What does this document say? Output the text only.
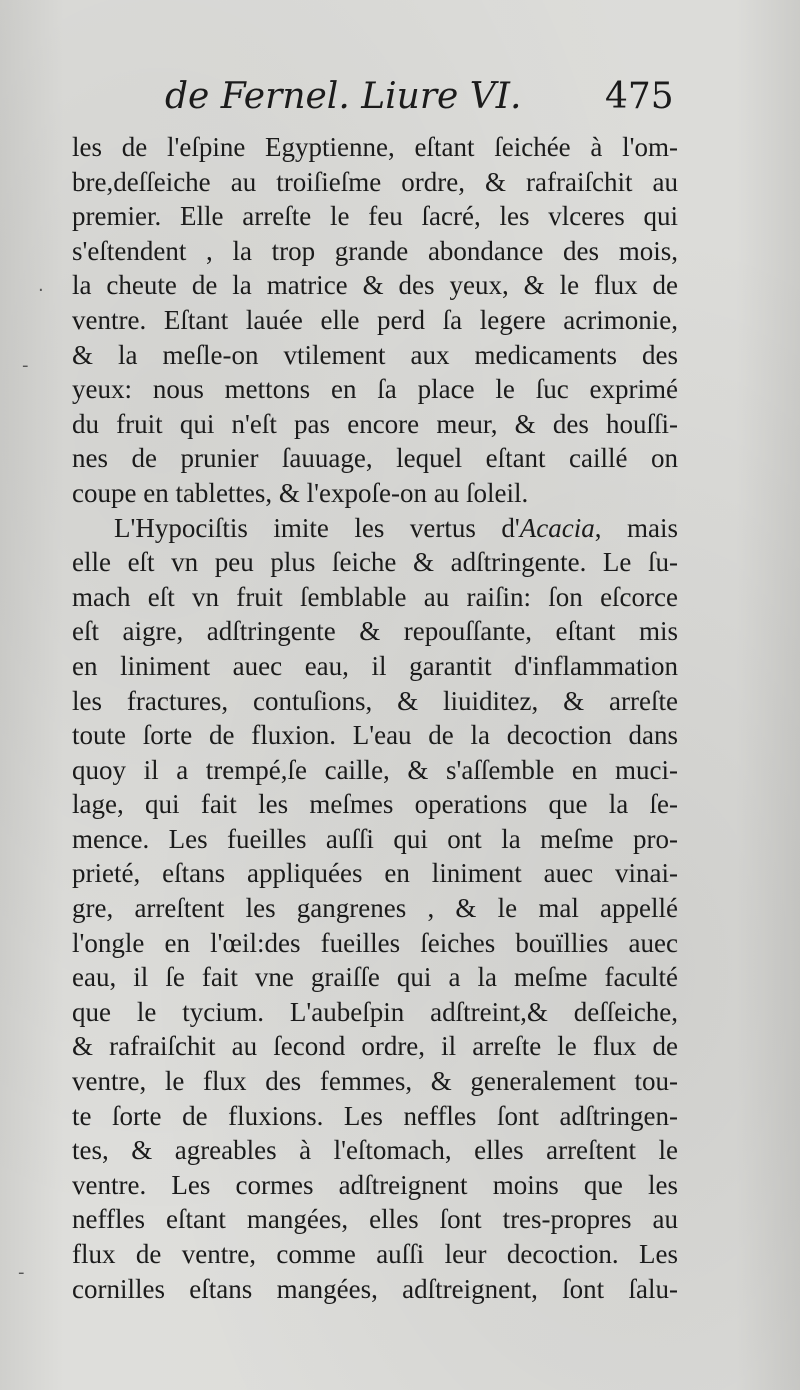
de Fernel. Liure VI. 475
les de l'eſpine Egyptienne, eſtant ſeichée à l'om-
bre,deſſeiche au troiſieſme ordre, & rafraiſchit au
premier. Elle arreſte le feu ſacré, les vlceres qui
s'eſtendent , la trop grande abondance des mois,
la cheute de la matrice & des yeux, & le flux de
ventre. Eſtant lauée elle perd ſa legere acrimonie,
& la meſle-on vtilement aux medicaments des
yeux: nous mettons en ſa place le ſuc exprimé
du fruit qui n'eſt pas encore meur, & des houſſi-
nes de prunier ſauuage, lequel eſtant caillé on
coupe en tablettes, & l'expoſe-on au ſoleil.
L'Hypociſtis imite les vertus d'Acacia, mais
elle eſt vn peu plus ſeiche & adſtringente. Le ſu-
mach eſt vn fruit ſemblable au raiſin: ſon eſcorce
eſt aigre, adſtringente & repouſſante, eſtant mis
en liniment auec eau, il garantit d'inflammation
les fractures, contuſions, & liuiditez, & arreſte
toute ſorte de fluxion. L'eau de la decoction dans
quoy il a trempé,ſe caille, & s'aſſemble en muci-
lage, qui fait les meſmes operations que la ſe-
mence. Les fueilles auſſi qui ont la meſme pro-
prieté, eſtans appliquées en liniment auec vinai-
gre, arreſtent les gangrenes , & le mal appellé
l'ongle en l'œil:des fueilles ſeiches bouïllies auec
eau, il ſe fait vne graiſſe qui a la meſme faculté
que le tycium. L'aubeſpin adſtreint,& deſſeiche,
& rafraiſchit au ſecond ordre, il arreſte le flux de
ventre, le flux des femmes, & generalement tou-
te ſorte de fluxions. Les neffles ſont adſtringen-
tes, & agreables à l'eſtomach, elles arreſtent le
ventre. Les cormes adſtreignent moins que les
neffles eſtant mangées, elles ſont tres-propres au
flux de ventre, comme auſſi leur decoction. Les
cornilles eſtans mangées, adſtreignent, ſont ſalu-
·
-
-
